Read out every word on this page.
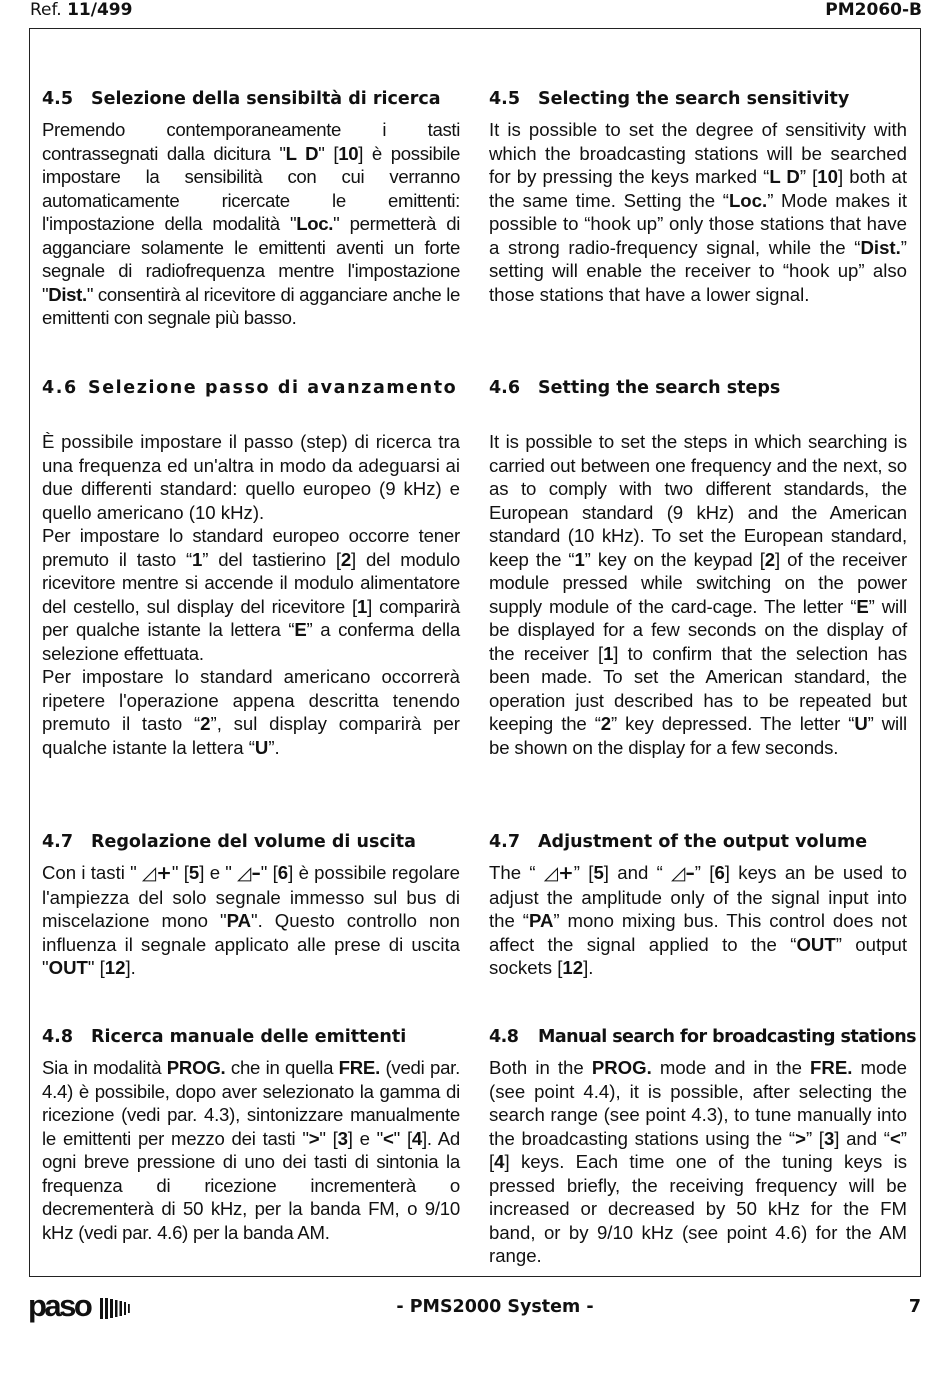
Ref. 11/499	PM2060-B
4.5 Selezione della sensibiltà di ricerca

Premendo contemporaneamente i tasti contrassegnati dalla dicitura "L D" [10] è possibile impostare la sensibilità con cui verranno automaticamente ricercate le emittenti: l'impostazione della modalità "Loc." permetterà di agganciare solamente le emittenti aventi un forte segnale di radiofrequenza mentre l'impostazione "Dist." consentirà al ricevitore di agganciare anche le emittenti con segnale più basso.

4.5 Selecting the search sensitivity

It is possible to set the degree of sensitivity with which the broadcasting stations will be searched for by pressing the keys marked “L D” [10] both at the same time. Setting the “Loc.” Mode makes it possible to “hook up” only those stations that have a strong radio-frequency signal, while the “Dist.” setting will enable the receiver to “hook up” also those stations that have a lower signal.

4.6 Selezione passo di avanzamento

È possibile impostare il passo (step) di ricerca tra una frequenza ed un'altra in modo da adeguarsi ai due differenti standard: quello europeo (9 kHz) e quello americano (10 kHz).

Per impostare lo standard europeo occorre tener premuto il tasto “1” del tastierino [2] del modulo ricevitore mentre si accende il modulo alimentatore del cestello, sul display del ricevitore [1] comparirà per qualche istante la lettera “E” a conferma della selezione effettuata.

Per impostare lo standard americano occorrerà ripetere l'operazione appena descritta tenendo premuto il tasto “2”, sul display comparirà per qualche istante la lettera “U”.

4.6 Setting the search steps

It is possible to set the steps in which searching is carried out between one frequency and the next, so as to comply with two different standards, the European standard (9 kHz) and the American standard (10 kHz). To set the European standard, keep the “1” key on the keypad [2] of the receiver module pressed while switching on the power supply module of the card-cage. The letter “E” will be displayed for a few seconds on the display of the receiver [1] to confirm that the selection has been made. To set the American standard, the operation just described has to be repeated but keeping the “2” key depressed. The letter “U” will be shown on the display for a few seconds.

4.7 Regolazione del volume di uscita

Con i tasti " ◿+" [5] e " ◿–" [6] è possibile regolare l'ampiezza del solo segnale immesso sul bus di miscelazione mono "PA". Questo controllo non influenza il segnale applicato alle prese di uscita "OUT" [12].

4.7 Adjustment of the output volume

The “ ◿+” [5] and “ ◿–” [6] keys an be used to adjust the amplitude only of the signal input into the “PA” mono mixing bus. This control does not affect the signal applied to the “OUT” output sockets [12].

4.8 Ricerca manuale delle emittenti

Sia in modalità PROG. che in quella FRE. (vedi par. 4.4) è possibile, dopo aver selezionato la gamma di ricezione (vedi par. 4.3), sintonizzare manualmente le emittenti per mezzo dei tasti ">" [3] e "<" [4]. Ad ogni breve pressione di uno dei tasti di sintonia la frequenza di ricezione incrementerà o decrementerà di 50 kHz, per la banda FM, o 9/10 kHz (vedi par. 4.6) per la banda AM.

4.8 Manual search for broadcasting stations

Both in the PROG. mode and in the FRE. mode (see point 4.4), it is possible, after selecting the search range (see point 4.3), to tune manually into the broadcasting stations using the “>” [3] and “<” [4] keys. Each time one of the tuning keys is pressed briefly, the receiving frequency will be increased or decreased by 50 kHz for the FM band, or by 9/10 kHz (see point 4.6) for the AM range.

paso	- PMS2000 System -	7
